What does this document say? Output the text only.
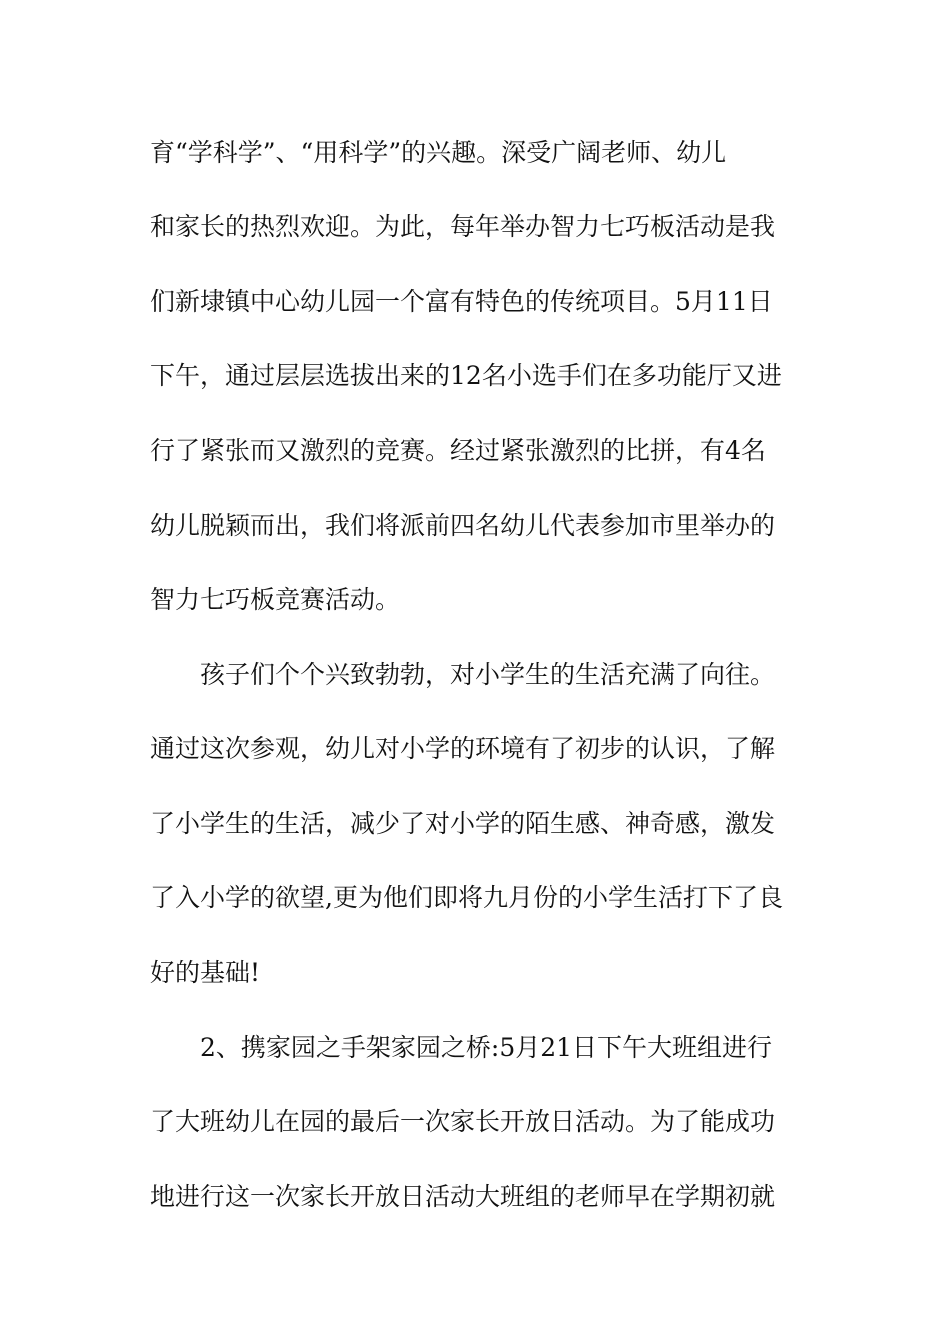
育“学科学”、“用科学”的兴趣。深受广阔老师、幼儿
和家长的热烈欢迎。为此，每年举办智力七巧板活动是我
们新埭镇中心幼儿园一个富有特色的传统项目。5月11日
下午，通过层层选拔出来的12名小选手们在多功能厅又进
行了紧张而又激烈的竞赛。经过紧张激烈的比拼，有4名
幼儿脱颖而出，我们将派前四名幼儿代表参加市里举办的
智力七巧板竞赛活动。
孩子们个个兴致勃勃，对小学生的生活充满了向往。
通过这次参观，幼儿对小学的环境有了初步的认识，了解
了小学生的生活，减少了对小学的陌生感、神奇感，激发
了入小学的欲望,更为他们即将九月份的小学生活打下了良
好的基础!
2、携家园之手架家园之桥:5月21日下午大班组进行
了大班幼儿在园的最后一次家长开放日活动。为了能成功
地进行这一次家长开放日活动大班组的老师早在学期初就
